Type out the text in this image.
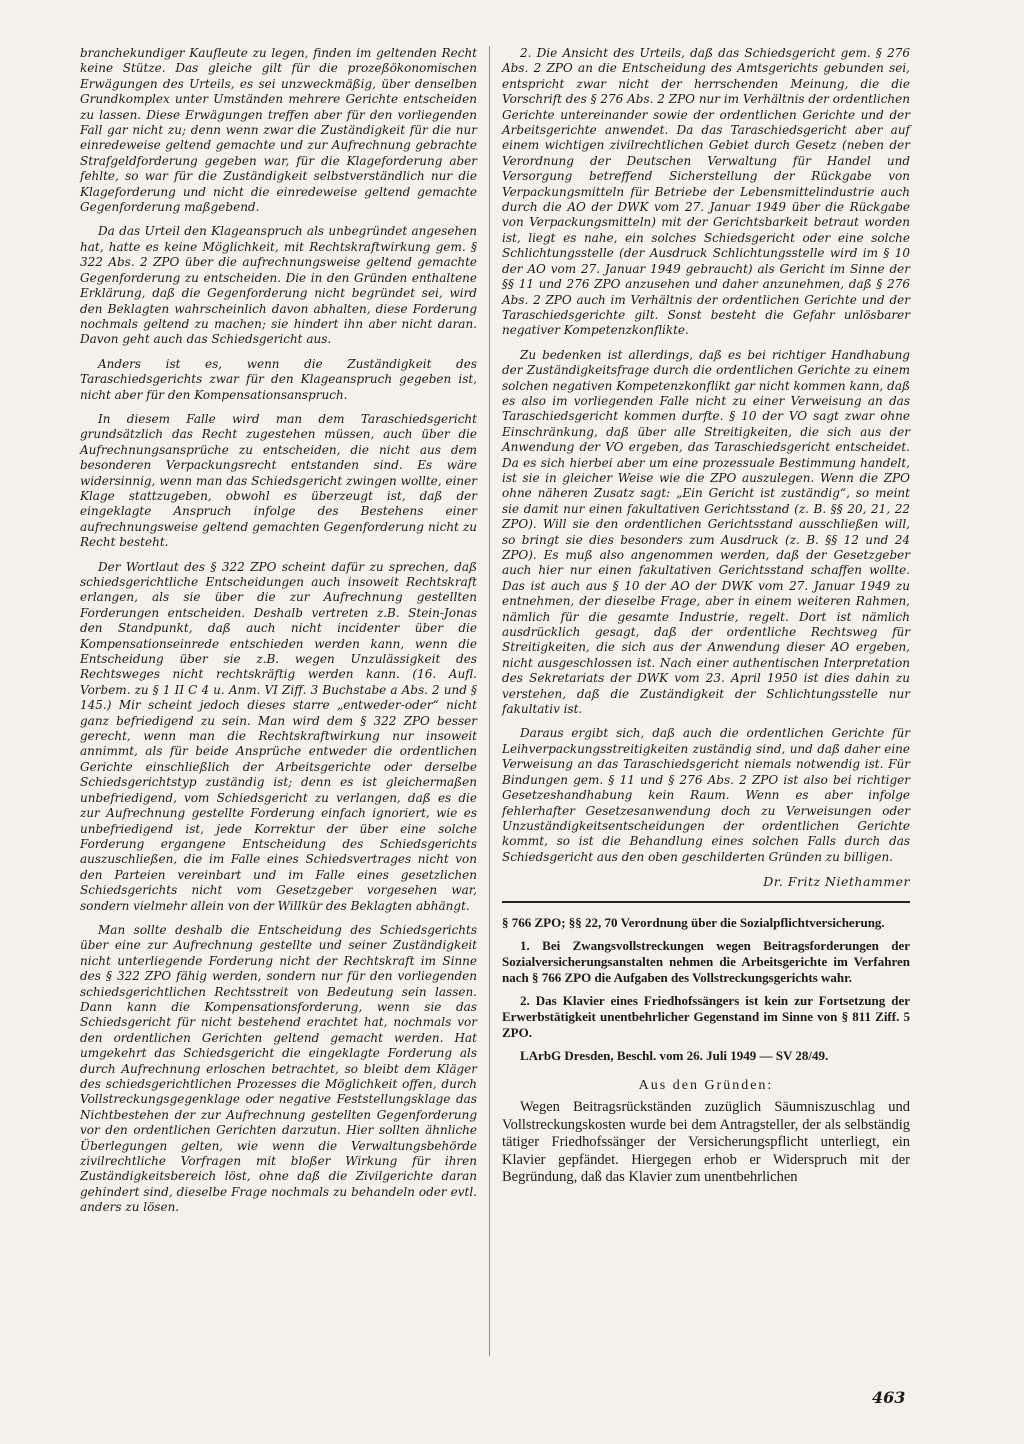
branchekundiger Kaufleute zu legen, finden im geltenden Recht keine Stütze. Das gleiche gilt für die prozeßökonomischen Erwägungen des Urteils, es sei unzweckmäßig, über denselben Grundkomplex unter Umständen mehrere Gerichte entscheiden zu lassen. Diese Erwägungen treffen aber für den vorliegenden Fall gar nicht zu; denn wenn zwar die Zuständigkeit für die nur einredeweise geltend gemachte und zur Aufrechnung gebrachte Strafgeldforderung gegeben war, für die Klageforderung aber fehlte, so war für die Zuständigkeit selbstverständlich nur die Klageforderung und nicht die einredeweise geltend gemachte Gegenforderung maßgebend.

Da das Urteil den Klageanspruch als unbegründet angesehen hat, hatte es keine Möglichkeit, mit Rechtskraftwirkung gem. § 322 Abs. 2 ZPO über die aufrechnungsweise geltend gemachte Gegenforderung zu entscheiden. Die in den Gründen enthaltene Erklärung, daß die Gegenforderung nicht begründet sei, wird den Beklagten wahrscheinlich davon abhalten, diese Forderung nochmals geltend zu machen; sie hindert ihn aber nicht daran. Davon geht auch das Schiedsgericht aus.

Anders ist es, wenn die Zuständigkeit des Taraschiedsgerichts zwar für den Klageanspruch gegeben ist, nicht aber für den Kompensationsanspruch.

In diesem Falle wird man dem Taraschiedsgericht grundsätzlich das Recht zugestehen müssen, auch über die Aufrechnungsansprüche zu entscheiden, die nicht aus dem besonderen Verpackungsrecht entstanden sind. Es wäre widersinnig, wenn man das Schiedsgericht zwingen wollte, einer Klage stattzugeben, obwohl es überzeugt ist, daß der eingeklagte Anspruch infolge des Bestehens einer aufrechnungsweise geltend gemachten Gegenforderung nicht zu Recht besteht.

Der Wortlaut des § 322 ZPO scheint dafür zu sprechen, daß schiedsgerichtliche Entscheidungen auch insoweit Rechtskraft erlangen, als sie über die zur Aufrechnung gestellten Forderungen entscheiden. Deshalb vertreten z.B. Stein-Jonas den Standpunkt, daß auch nicht incidenter über die Kompensationseinrede entschieden werden kann, wenn die Entscheidung über sie z.B. wegen Unzulässigkeit des Rechtsweges nicht rechtskräftig werden kann. (16. Aufl. Vorbem. zu § 1 II C 4 u. Anm. VI Ziff. 3 Buchstabe a Abs. 2 und § 145.) Mir scheint jedoch dieses starre „entweder-oder“ nicht ganz befriedigend zu sein. Man wird dem § 322 ZPO besser gerecht, wenn man die Rechtskraftwirkung nur insoweit annimmt, als für beide Ansprüche entweder die ordentlichen Gerichte einschließlich der Arbeitsgerichte oder derselbe Schiedsgerichtstyp zuständig ist; denn es ist gleichermaßen unbefriedigend, vom Schiedsgericht zu verlangen, daß es die zur Aufrechnung gestellte Forderung einfach ignoriert, wie es unbefriedigend ist, jede Korrektur der über eine solche Forderung ergangene Entscheidung des Schiedsgerichts auszuschließen, die im Falle eines Schiedsvertrages nicht von den Parteien vereinbart und im Falle eines gesetzlichen Schiedsgerichts nicht vom Gesetzgeber vorgesehen war, sondern vielmehr allein von der Willkür des Beklagten abhängt.

Man sollte deshalb die Entscheidung des Schiedsgerichts über eine zur Aufrechnung gestellte und seiner Zuständigkeit nicht unterliegende Forderung nicht der Rechtskraft im Sinne des § 322 ZPO fähig werden, sondern nur für den vorliegenden schiedsgerichtlichen Rechtsstreit von Bedeutung sein lassen. Dann kann die Kompensationsforderung, wenn sie das Schiedsgericht für nicht bestehend erachtet hat, nochmals vor den ordentlichen Gerichten geltend gemacht werden. Hat umgekehrt das Schiedsgericht die eingeklagte Forderung als durch Aufrechnung erloschen betrachtet, so bleibt dem Kläger des schiedsgerichtlichen Prozesses die Möglichkeit offen, durch Vollstreckungsgegenklage oder negative Feststellungsklage das Nichtbestehen der zur Aufrechnung gestellten Gegenforderung vor den ordentlichen Gerichten darzutun. Hier sollten ähnliche Überlegungen gelten, wie wenn die Verwaltungsbehörde zivilrechtliche Vorfragen mit bloßer Wirkung für ihren Zuständigkeitsbereich löst, ohne daß die Zivilgerichte daran gehindert sind, dieselbe Frage nochmals zu behandeln oder evtl. anders zu lösen.

2. Die Ansicht des Urteils, daß das Schiedsgericht gem. § 276 Abs. 2 ZPO an die Entscheidung des Amtsgerichts gebunden sei, entspricht zwar nicht der herrschenden Meinung, die die Vorschrift des § 276 Abs. 2 ZPO nur im Verhältnis der ordentlichen Gerichte untereinander sowie der ordentlichen Gerichte und der Arbeitsgerichte anwendet. Da das Taraschiedsgericht aber auf einem wichtigen zivilrechtlichen Gebiet durch Gesetz (neben der Verordnung der Deutschen Verwaltung für Handel und Versorgung betreffend Sicherstellung der Rückgabe von Verpackungsmitteln für Betriebe der Lebensmittelindustrie auch durch die AO der DWK vom 27. Januar 1949 über die Rückgabe von Verpackungsmitteln) mit der Gerichtsbarkeit betraut worden ist, liegt es nahe, ein solches Schiedsgericht oder eine solche Schlichtungsstelle (der Ausdruck Schlichtungsstelle wird im § 10 der AO vom 27. Januar 1949 gebraucht) als Gericht im Sinne der §§ 11 und 276 ZPO anzusehen und daher anzunehmen, daß § 276 Abs. 2 ZPO auch im Verhältnis der ordentlichen Gerichte und der Taraschiedsgerichte gilt. Sonst besteht die Gefahr unlösbarer negativer Kompetenzkonflikte.

Zu bedenken ist allerdings, daß es bei richtiger Handhabung der Zuständigkeitsfrage durch die ordentlichen Gerichte zu einem solchen negativen Kompetenzkonflikt gar nicht kommen kann, daß es also im vorliegenden Falle nicht zu einer Verweisung an das Taraschiedsgericht kommen durfte. § 10 der VO sagt zwar ohne Einschränkung, daß über alle Streitigkeiten, die sich aus der Anwendung der VO ergeben, das Taraschiedsgericht entscheidet. Da es sich hierbei aber um eine prozessuale Bestimmung handelt, ist sie in gleicher Weise wie die ZPO auszulegen. Wenn die ZPO ohne näheren Zusatz sagt: „Ein Gericht ist zuständig“, so meint sie damit nur einen fakultativen Gerichtsstand (z. B. §§ 20, 21, 22 ZPO). Will sie den ordentlichen Gerichtsstand ausschließen will, so bringt sie dies besonders zum Ausdruck (z. B. §§ 12 und 24 ZPO). Es muß also angenommen werden, daß der Gesetzgeber auch hier nur einen fakultativen Gerichtsstand schaffen wollte. Das ist auch aus § 10 der AO der DWK vom 27. Januar 1949 zu entnehmen, der dieselbe Frage, aber in einem weiteren Rahmen, nämlich für die gesamte Industrie, regelt. Dort ist nämlich ausdrücklich gesagt, daß der ordentliche Rechtsweg für Streitigkeiten, die sich aus der Anwendung dieser AO ergeben, nicht ausgeschlossen ist. Nach einer authentischen Interpretation des Sekretariats der DWK vom 23. April 1950 ist dies dahin zu verstehen, daß die Zuständigkeit der Schlichtungsstelle nur fakultativ ist.

Daraus ergibt sich, daß auch die ordentlichen Gerichte für Leihverpackungsstreitigkeiten zuständig sind, und daß daher eine Verweisung an das Taraschiedsgericht niemals notwendig ist. Für Bindungen gem. § 11 und § 276 Abs. 2 ZPO ist also bei richtiger Gesetzeshandhabung kein Raum. Wenn es aber infolge fehlerhafter Gesetzesanwendung doch zu Verweisungen oder Unzuständigkeitsentscheidungen der ordentlichen Gerichte kommt, so ist die Behandlung eines solchen Falls durch das Schiedsgericht aus den oben geschilderten Gründen zu billigen.

Dr. Fritz Niethammer

§ 766 ZPO; §§ 22, 70 Verordnung über die Sozialpflichtversicherung.

1. Bei Zwangsvollstreckungen wegen Beitragsforderungen der Sozialversicherungsanstalten nehmen die Arbeitsgerichte im Verfahren nach § 766 ZPO die Aufgaben des Vollstreckungsgerichts wahr.

2. Das Klavier eines Friedhofssängers ist kein zur Fortsetzung der Erwerbstätigkeit unentbehrlicher Gegenstand im Sinne von § 811 Ziff. 5 ZPO.

LArbG Dresden, Beschl. vom 26. Juli 1949 — SV 28/49.

Aus den Gründen:

Wegen Beitragsrückständen zuzüglich Säumniszuschlag und Vollstreckungskosten wurde bei dem Antragsteller, der als selbständig tätiger Friedhofssänger der Versicherungspflicht unterliegt, ein Klavier gepfändet. Hiergegen erhob er Widerspruch mit der Begründung, daß das Klavier zum unentbehrlichen

463
